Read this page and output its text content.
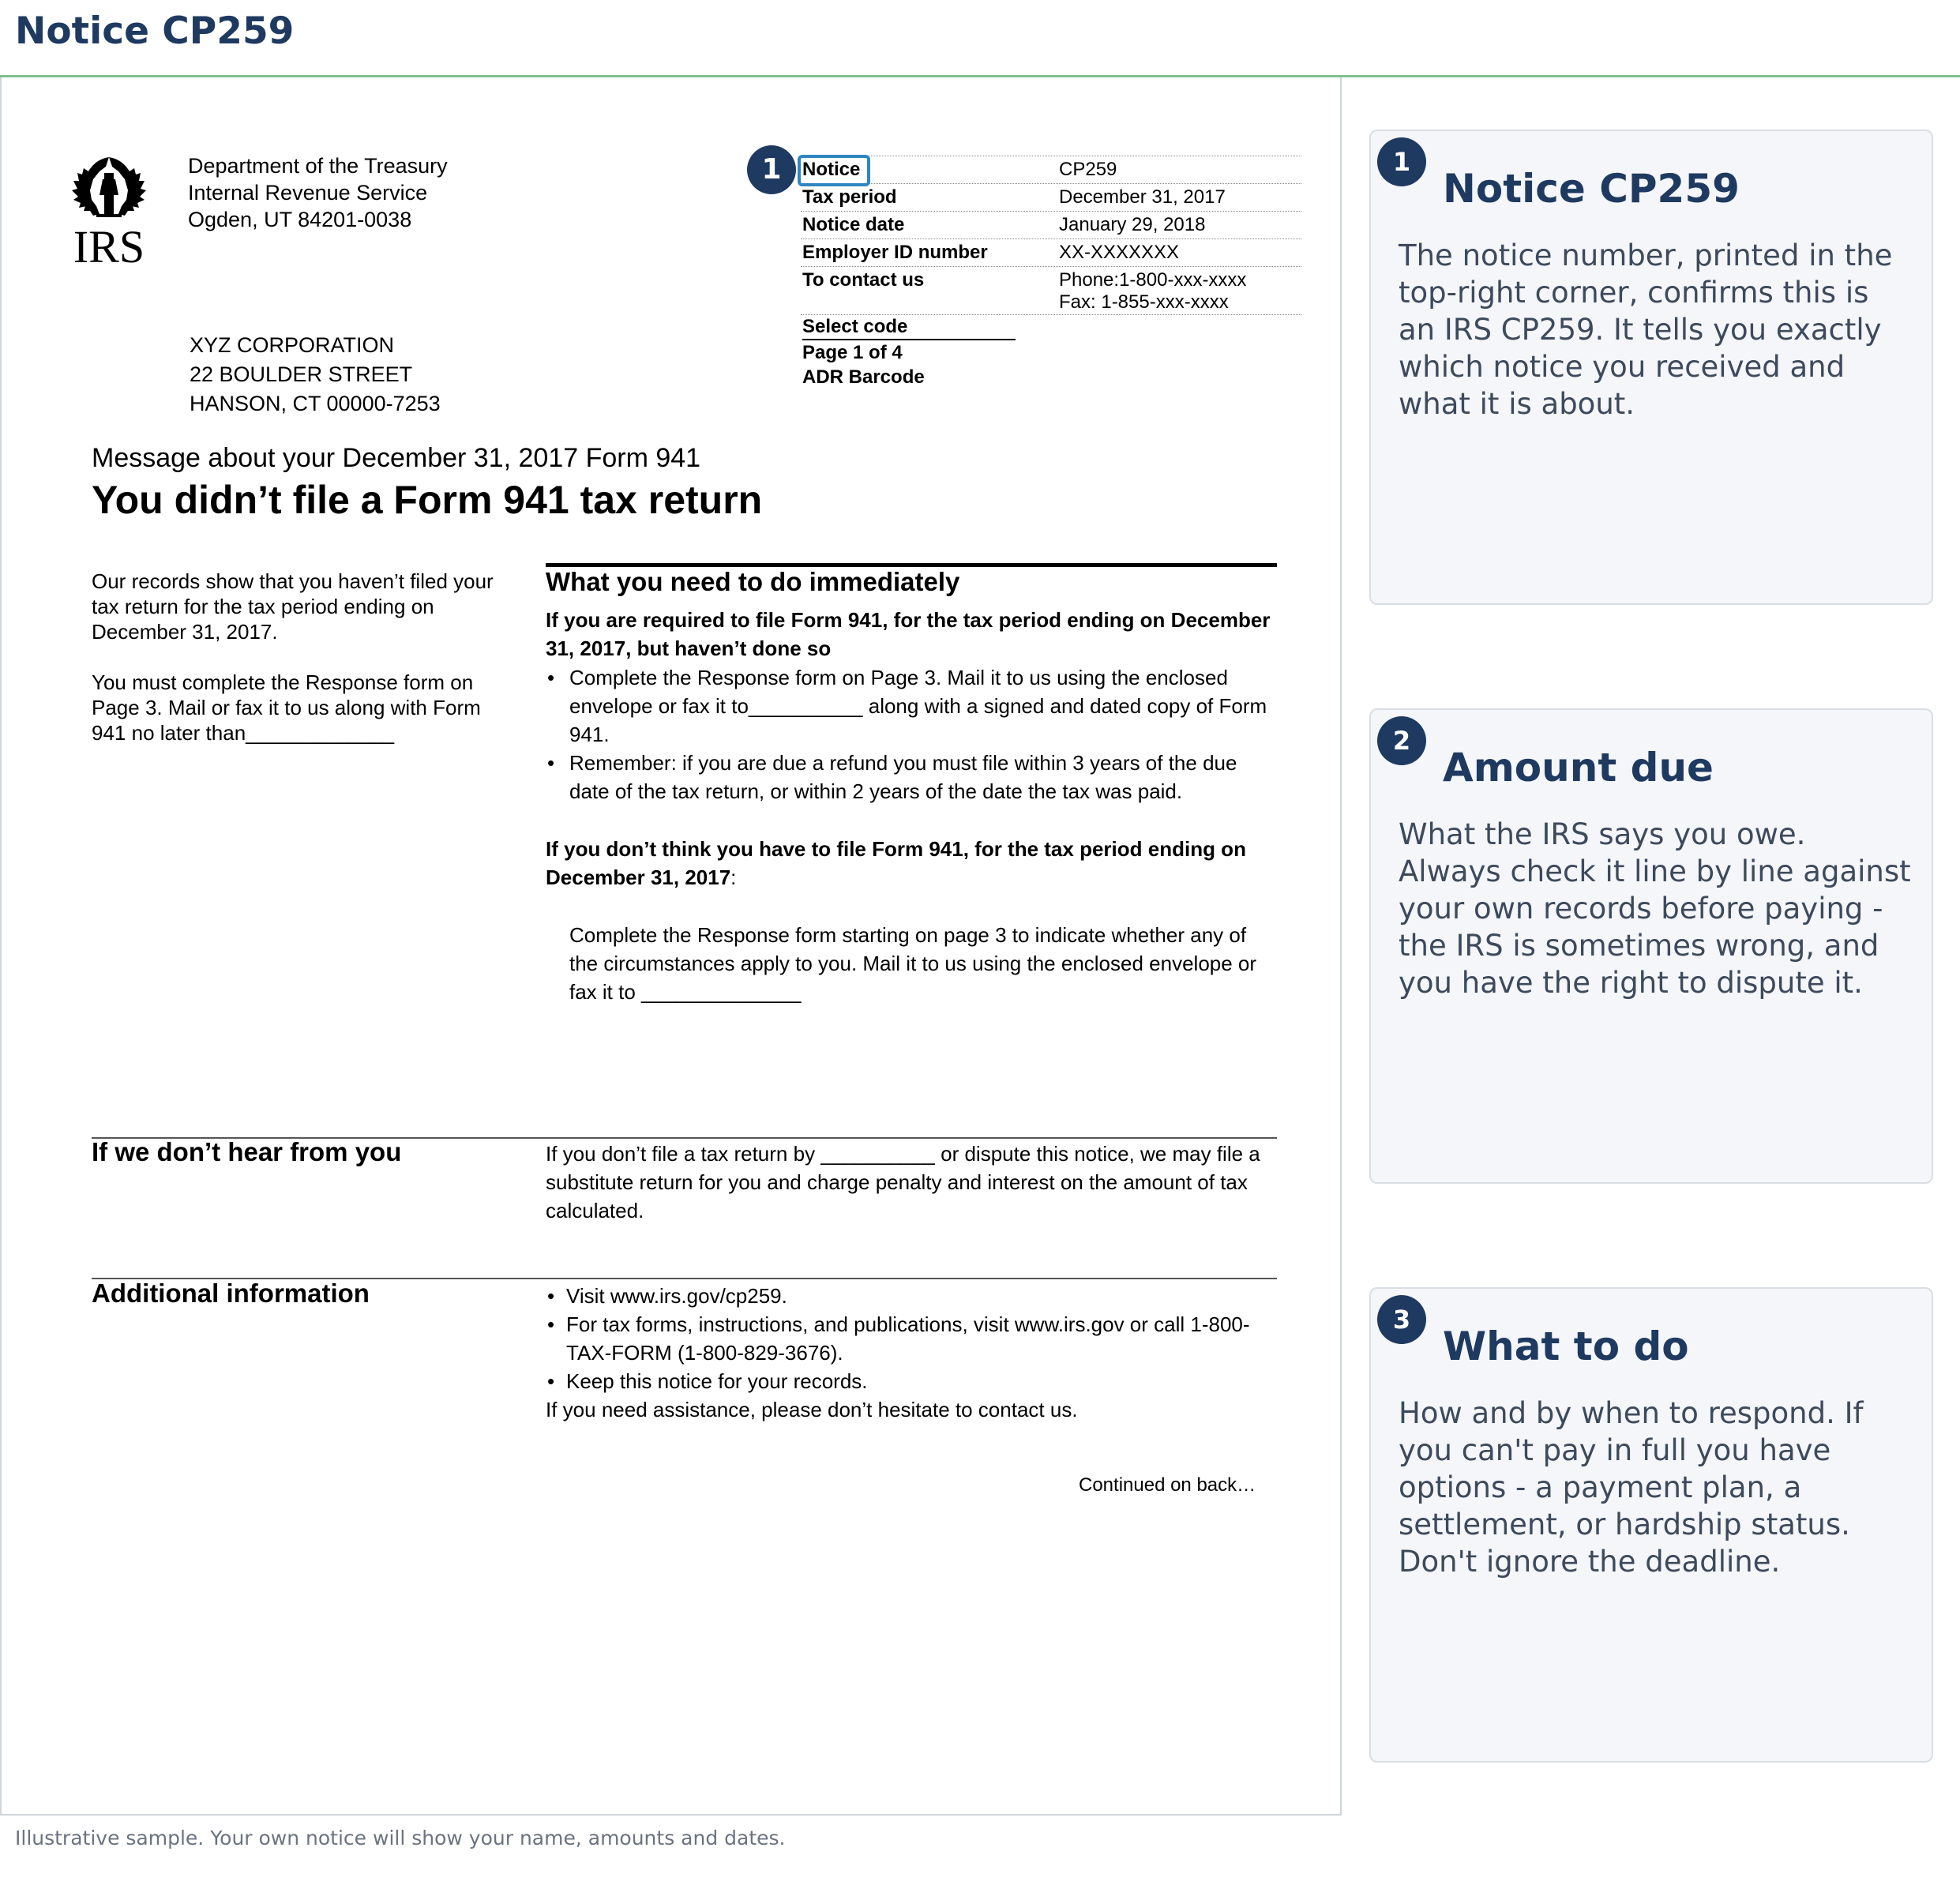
Notice CP259
IRS
Department of the Treasury
Internal Revenue Service
Ogden, UT 84201-0038
XYZ CORPORATION
22 BOULDER STREET
HANSON, CT 00000-7253
Notice	CP259
Tax period	December 31, 2017
Notice date	January 29, 2018
Employer ID number	XX-XXXXXXX
To contact us	Phone:1-800-xxx-xxxx
Fax: 1-855-xxx-xxxx
Select code
Page 1 of 4
ADR Barcode
1
Message about your December 31, 2017 Form 941
You didn’t file a Form 941 tax return
Our records show that you haven’t filed your tax return for the tax period ending on December 31, 2017.
You must complete the Response form on Page 3. Mail or fax it to us along with Form 941 no later than_____________
What you need to do immediately
If you are required to file Form 941, for the tax period ending on December 31, 2017, but haven’t done so
• Complete the Response form on Page 3. Mail it to us using the enclosed envelope or fax it to__________ along with a signed and dated copy of Form 941.
• Remember: if you are due a refund you must file within 3 years of the due date of the tax return, or within 2 years of the date the tax was paid.
If you don’t think you have to file Form 941, for the tax period ending on December 31, 2017:
Complete the Response form starting on page 3 to indicate whether any of the circumstances apply to you. Mail it to us using the enclosed envelope or fax it to ______________
If we don’t hear from you	If you don’t file a tax return by __________ or dispute this notice, we may file a substitute return for you and charge penalty and interest on the amount of tax calculated.
Additional information
•	Visit www.irs.gov/cp259.
• For tax forms, instructions, and publications, visit www.irs.gov or call 1-800-TAX-FORM (1-800-829-3676).
• Keep this notice for your records.
If you need assistance, please don’t hesitate to contact us.
Continued on back…
1
Notice CP259
The notice number, printed in the top-right corner, confirms this is an IRS CP259. It tells you exactly which notice you received and what it is about.
2
Amount due
What the IRS says you owe. Always check it line by line against your own records before paying - the IRS is sometimes wrong, and you have the right to dispute it.
3
What to do
How and by when to respond. If you can't pay in full you have options - a payment plan, a settlement, or hardship status. Don't ignore the deadline.
Illustrative sample. Your own notice will show your name, amounts and dates.
